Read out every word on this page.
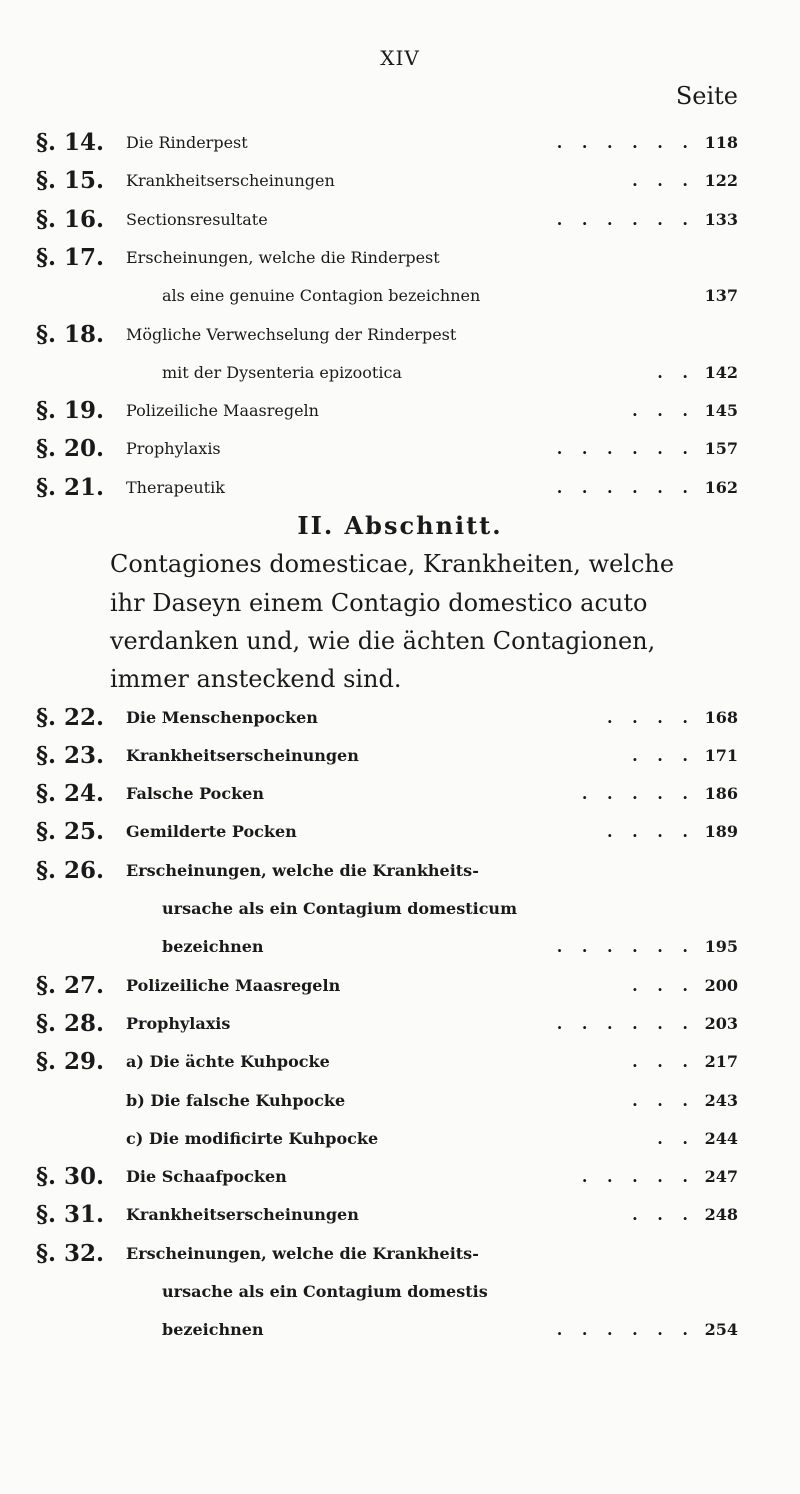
XIV
Seite
§. 14. Die Rinderpest	. . . . . . 118
§. 15. Krankheitserscheinungen	. . . 122
§. 16. Sectionsresultate	. . . . . . 133
§. 17. Erscheinungen, welche die Rinderpest
als eine genuine Contagion bezeichnen	137
§. 18. Mögliche Verwechselung der Rinderpest
mit der Dysenteria epizootica	. . 142
§. 19. Polizeiliche Maasregeln	. . . 145
§. 20. Prophylaxis	. . . . . . 157
§. 21. Therapeutik	. . . . . . 162
II. Abschnitt.
Contagiones domesticae, Krankheiten, welche
ihr Daseyn einem Contagio domestico acuto
verdanken und, wie die ächten Contagionen,
immer ansteckend sind.
§. 22. Die Menschenpocken	. . . . 168
§. 23. Krankheitserscheinungen	. . . 171
§. 24. Falsche Pocken	. . . . . 186
§. 25. Gemilderte Pocken	. . . . 189
§. 26. Erscheinungen, welche die Krankheits-
ursache als ein Contagium domesticum
bezeichnen	. . . . . . 195
§. 27. Polizeiliche Maasregeln	. . . 200
§. 28. Prophylaxis	. . . . . . 203
§. 29. a) Die ächte Kuhpocke	. . . 217
b) Die falsche Kuhpocke	. . . 243
c) Die modificirte Kuhpocke	. . 244
§. 30. Die Schaafpocken	. . . . . 247
§. 31. Krankheitserscheinungen	. . . 248
§. 32. Erscheinungen, welche die Krankheits-
ursache als ein Contagium domestis
bezeichnen	. . . . . . 254
